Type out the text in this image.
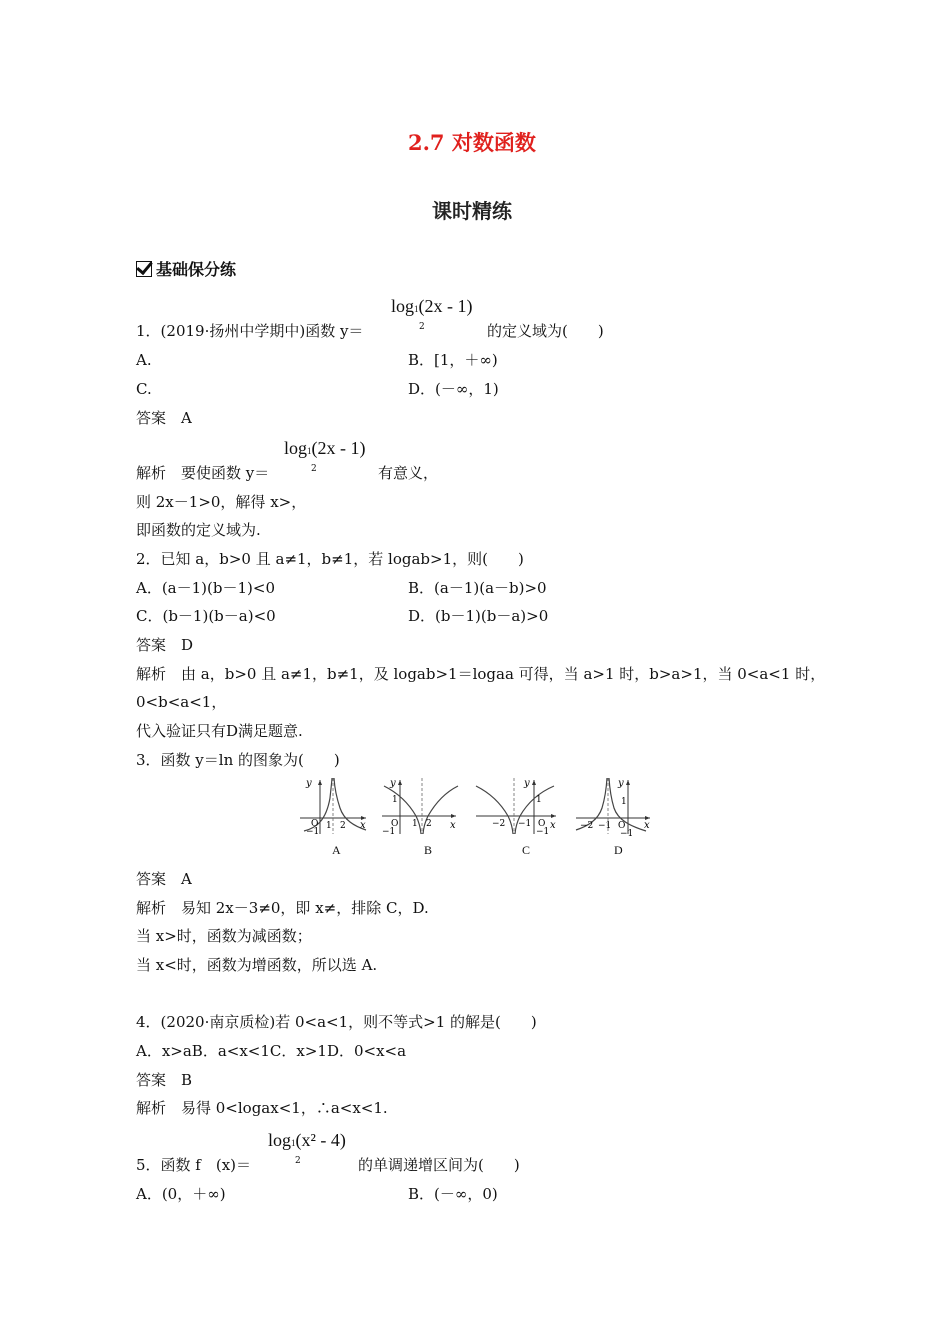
2.7 对数函数
课时精练
基础保分练
log1(2x - 1)
2
1．(2019·扬州中学期中)函数 y＝	的定义域为(　　)
A.	B．[1，＋∞)
C.	D．(－∞，1)
答案　A
log1(2x - 1)
2
解析　要使函数 y＝	有意义，
则 2x－1>0，解得 x>，
即函数的定义域为.
2．已知 a，b>0 且 a≠1，b≠1，若 logab>1，则(　　)
A．(a－1)(b－1)<0	B．(a－1)(a－b)>0
C．(b－1)(b－a)<0	D．(b－1)(b－a)>0
答案　D
解析　由 a，b>0 且 a≠1，b≠1，及 logab>1＝logaa 可得，当 a>1 时，b>a>1，当 0<a<1 时，
0<b<a<1，
代入验证只有D满足题意.
3．函数 y＝ln 的图象为(　　)
y
x
O 1 2
−1
A
y
x
1
O
−1
1 2
B
y
x
1
O
−2 −1
−1
C
y
x
1
−2 −1 O
−1
D
答案　A
解析　易知 2x－3≠0，即 x≠，排除 C，D.
当 x>时，函数为减函数；
当 x<时，函数为增函数，所以选 A.
4．(2020·南京质检)若 0<a<1，则不等式>1 的解是(　　)
A．x>aB．a<x<1C．x>1D．0<x<a
答案　B
解析　易得 0<logax<1，∴a<x<1.
log1(x² - 4)
2
5．函数 f　(x)＝	的单调递增区间为(　　)
A．(0，＋∞)	B．(－∞，0)
